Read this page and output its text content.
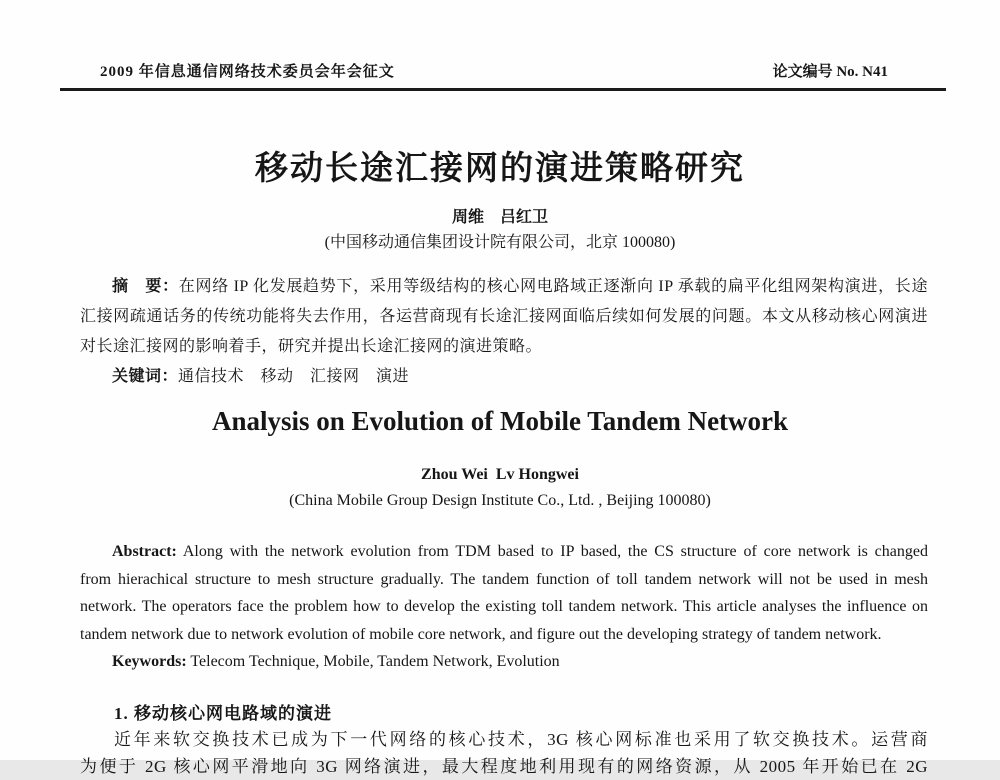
2009 年信息通信网络技术委员会年会征文	论文编号 No. N41
移动长途汇接网的演进策略研究
周维　吕红卫
(中国移动通信集团设计院有限公司，北京 100080)
摘　要：在网络 IP 化发展趋势下，采用等级结构的核心网电路域正逐渐向 IP 承载的扁平化组网架构演进，长途
汇接网疏通话务的传统功能将失去作用，各运营商现有长途汇接网面临后续如何发展的问题。本文从移动核心网演进
对长途汇接网的影响着手，研究并提出长途汇接网的演进策略。
关键词：通信技术　移动　汇接网　演进
Analysis on Evolution of Mobile Tandem Network
Zhou Wei Lv Hongwei
(China Mobile Group Design Institute Co., Ltd. , Beijing 100080)
Abstract: Along with the network evolution from TDM based to IP based, the CS structure of core network is changed
from hierachical structure to mesh structure gradually. The tandem function of toll tandem network will not be used in mesh
network. The operators face the problem how to develop the existing toll tandem network. This article analyses the influence on
tandem network due to network evolution of mobile core network, and figure out the developing strategy of tandem network.
Keywords: Telecom Technique, Mobile, Tandem Network, Evolution
1. 移动核心网电路域的演进
近年来软交换技术已成为下一代网络的核心技术，3G 核心网标准也采用了软交换技术。运营商
为便于 2G 核心网平滑地向 3G 网络演进，最大程度地利用现有的网络资源，从 2005 年开始已在 2G
